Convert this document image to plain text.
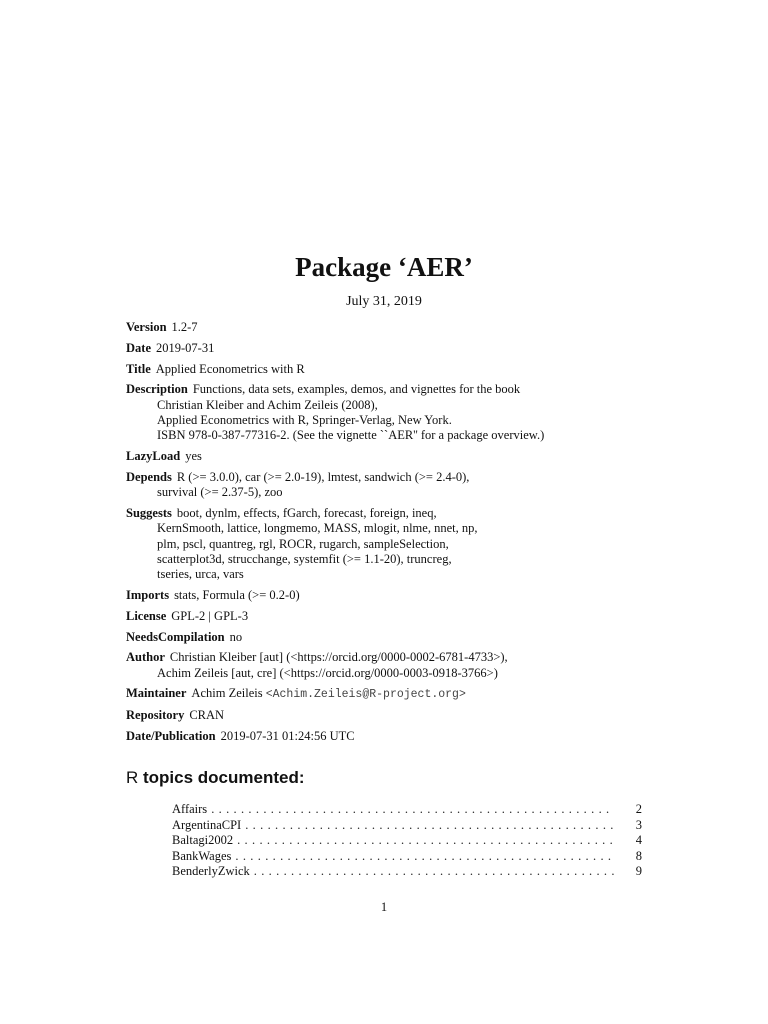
Package ‘AER’
July 31, 2019
Version 1.2-7
Date 2019-07-31
Title Applied Econometrics with R
Description Functions, data sets, examples, demos, and vignettes for the book
Christian Kleiber and Achim Zeileis (2008),
Applied Econometrics with R, Springer-Verlag, New York.
ISBN 978-0-387-77316-2. (See the vignette ``AER'' for a package overview.)
LazyLoad yes
Depends R (>= 3.0.0), car (>= 2.0-19), lmtest, sandwich (>= 2.4-0),
survival (>= 2.37-5), zoo
Suggests boot, dynlm, effects, fGarch, forecast, foreign, ineq,
KernSmooth, lattice, longmemo, MASS, mlogit, nlme, nnet, np,
plm, pscl, quantreg, rgl, ROCR, rugarch, sampleSelection,
scatterplot3d, strucchange, systemfit (>= 1.1-20), truncreg,
tseries, urca, vars
Imports stats, Formula (>= 0.2-0)
License GPL-2 | GPL-3
NeedsCompilation no
Author Christian Kleiber [aut] (<https://orcid.org/0000-0002-6781-4733>),
Achim Zeileis [aut, cre] (<https://orcid.org/0000-0003-0918-3766>)
Maintainer Achim Zeileis <Achim.Zeileis@R-project.org>
Repository CRAN
Date/Publication 2019-07-31 01:24:56 UTC
R topics documented:
Affairs . . .	2
ArgentinaCPI . . .	3
Baltagi2002 . . .	4
BankWages . . .	8
BenderlyZwick . . .	9
1
